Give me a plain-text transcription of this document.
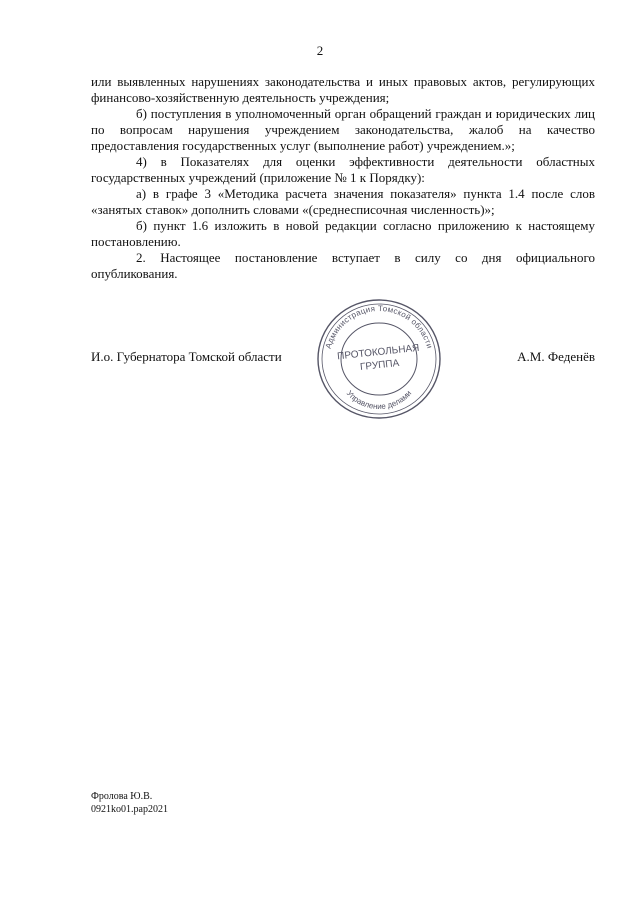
2

или выявленных нарушениях законодательства и иных правовых актов, регулирующих финансово-хозяйственную деятельность учреждения;

б) поступления в уполномоченный орган обращений граждан и юридических лиц по вопросам нарушения учреждением законодательства, жалоб на качество предоставления государственных услуг (выполнение работ) учреждением.»;

4) в Показателях для оценки эффективности деятельности областных государственных учреждений (приложение № 1 к Порядку):

а) в графе 3 «Методика расчета значения показателя» пункта 1.4 после слов «занятых ставок» дополнить словами «(среднесписочная численность)»;

б) пункт 1.6 изложить в новой редакции согласно приложению к настоящему постановлению.

2. Настоящее постановление вступает в силу со дня официального опубликования.

И.о. Губернатора Томской области	А.М. Феденёв
Администрация Томской области
Управление делами
ПРОТОКОЛЬНАЯ
ГРУППА
Фролова Ю.В.
0921ko01.pap2021
